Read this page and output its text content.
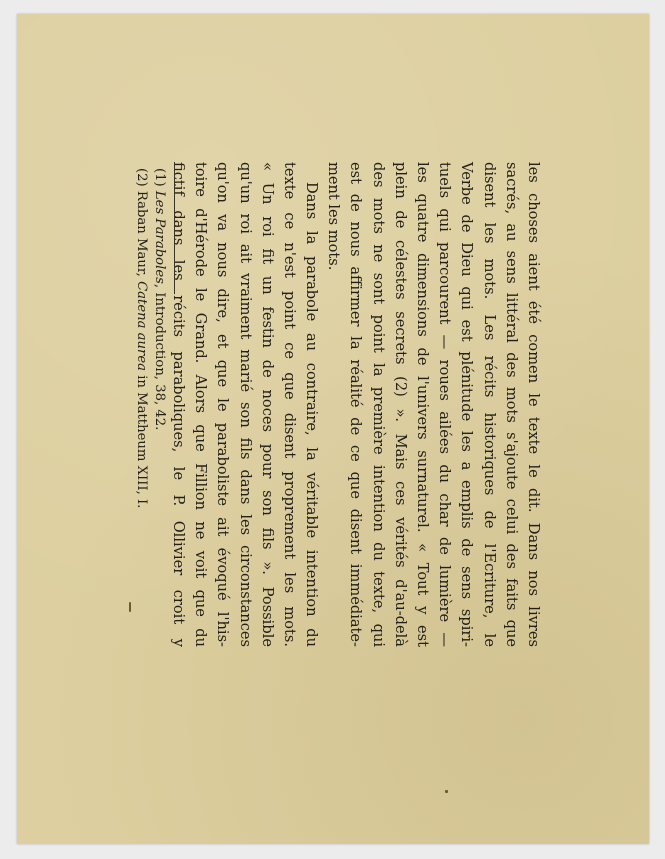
les choses aient été comen le texte le dit. Dans nos livres
sacrés, au sens littéral des mots s'ajoute celui des faits que
disent les mots. Les récits historiques de l'Ecriture, le
Verbe de Dieu qui est plénitude les a emplis de sens spiri-
tuels qui parcourent — roues ailées du char de lumière —
les quatre dimensions de l'univers surnaturel. « Tout y est
plein de célestes secrets (2) ». Mais ces vérités d'au-delà
des mots ne sont point la première intention du texte, qui
est de nous affirmer la réalité de ce que disent immédiate-
ment les mots.
Dans la parabole au contraire, la véritable intention du
texte ce n'est point ce que disent proprement les mots.
« Un roi fit un festin de noces pour son fils ». Possible
qu'un roi ait vraiment marié son fils dans les circonstances
qu'on va nous dire, et que le paraboliste ait évoqué l'his-
toire d'Hérode le Grand. Alors que Fillion ne voit que du
fictif dans les récits paraboliques, le P. Ollivier croit y
(1) Les Paraboles, Introduction, 38, 42.
(2) Raban Maur, Catena aurea in Mattheum XIII, I.
